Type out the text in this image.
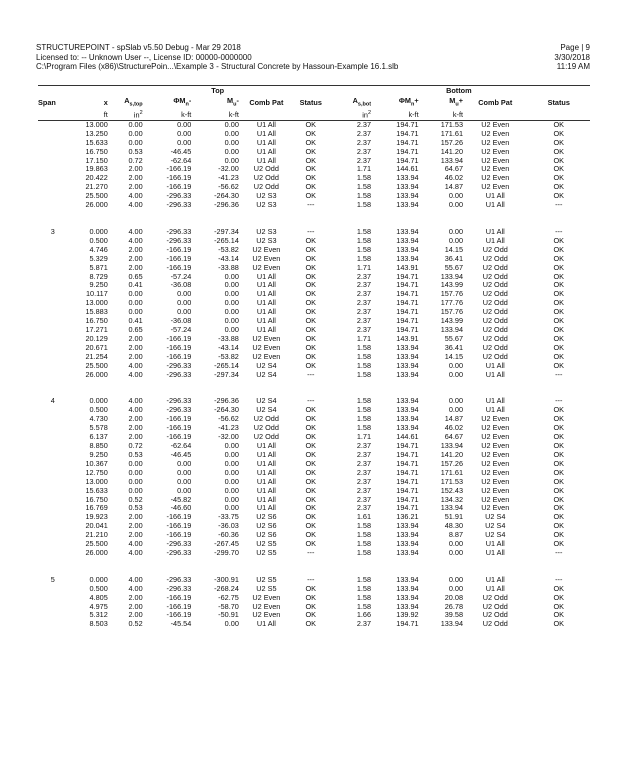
STRUCTUREPOINT - spSlab v5.50 Debug - Mar 29 2018
Licensed to: -- Unknown User --, License ID: 00000-0000000
C:\Program Files (x86)\StructurePoin...\Example 3 - Structural Concrete by Hassoun-Example 16.1.slb
Page | 9
3/30/2018
11:19 AM
		Top					Bottom				
Span	x	$A_{s,top}$	$\Phi M_n-$	$M_u-$	Comb Pat	Status	$A_{s,bot}$	$\Phi M_n+$	$M_u+$	Comb Pat	Status
	ft	$in^2$	k-ft	k-ft			$in^2$	k-ft	k-ft		
	13.000	0.00	0.00	0.00	U1 All	OK	2.37	194.71	171.53	U2 Even	OK
	13.250	0.00	0.00	0.00	U1 All	OK	2.37	194.71	171.61	U2 Even	OK
	15.633	0.00	0.00	0.00	U1 All	OK	2.37	194.71	157.26	U2 Even	OK
	16.750	0.53	-46.45	0.00	U1 All	OK	2.37	194.71	141.20	U2 Even	OK
	17.150	0.72	-62.64	0.00	U1 All	OK	2.37	194.71	133.94	U2 Even	OK
	19.863	2.00	-166.19	-32.00	U2 Odd	OK	1.71	144.61	64.67	U2 Even	OK
	20.422	2.00	-166.19	-41.23	U2 Odd	OK	1.58	133.94	46.02	U2 Even	OK
	21.270	2.00	-166.19	-56.62	U2 Odd	OK	1.58	133.94	14.87	U2 Even	OK
	25.500	4.00	-296.33	-264.30	U2 S3	OK	1.58	133.94	0.00	U1 All	OK
	26.000	4.00	-296.33	-296.36	U2 S3	---	1.58	133.94	0.00	U1 All	---

3	0.000	4.00	-296.33	-297.34	U2 S3	---	1.58	133.94	0.00	U1 All	---
	0.500	4.00	-296.33	-265.14	U2 S3	OK	1.58	133.94	0.00	U1 All	OK
	4.746	2.00	-166.19	-53.82	U2 Even	OK	1.58	133.94	14.15	U2 Odd	OK
	5.329	2.00	-166.19	-43.14	U2 Even	OK	1.58	133.94	36.41	U2 Odd	OK
	5.871	2.00	-166.19	-33.88	U2 Even	OK	1.71	143.91	55.67	U2 Odd	OK
	8.729	0.65	-57.24	0.00	U1 All	OK	2.37	194.71	133.94	U2 Odd	OK
	9.250	0.41	-36.08	0.00	U1 All	OK	2.37	194.71	143.99	U2 Odd	OK
	10.117	0.00	0.00	0.00	U1 All	OK	2.37	194.71	157.76	U2 Odd	OK
	13.000	0.00	0.00	0.00	U1 All	OK	2.37	194.71	177.76	U2 Odd	OK
	15.883	0.00	0.00	0.00	U1 All	OK	2.37	194.71	157.76	U2 Odd	OK
	16.750	0.41	-36.08	0.00	U1 All	OK	2.37	194.71	143.99	U2 Odd	OK
	17.271	0.65	-57.24	0.00	U1 All	OK	2.37	194.71	133.94	U2 Odd	OK
	20.129	2.00	-166.19	-33.88	U2 Even	OK	1.71	143.91	55.67	U2 Odd	OK
	20.671	2.00	-166.19	-43.14	U2 Even	OK	1.58	133.94	36.41	U2 Odd	OK
	21.254	2.00	-166.19	-53.82	U2 Even	OK	1.58	133.94	14.15	U2 Odd	OK
	25.500	4.00	-296.33	-265.14	U2 S4	OK	1.58	133.94	0.00	U1 All	OK
	26.000	4.00	-296.33	-297.34	U2 S4	---	1.58	133.94	0.00	U1 All	---

4	0.000	4.00	-296.33	-296.36	U2 S4	---	1.58	133.94	0.00	U1 All	---
	0.500	4.00	-296.33	-264.30	U2 S4	OK	1.58	133.94	0.00	U1 All	OK
	4.730	2.00	-166.19	-56.62	U2 Odd	OK	1.58	133.94	14.87	U2 Even	OK
	5.578	2.00	-166.19	-41.23	U2 Odd	OK	1.58	133.94	46.02	U2 Even	OK
	6.137	2.00	-166.19	-32.00	U2 Odd	OK	1.71	144.61	64.67	U2 Even	OK
	8.850	0.72	-62.64	0.00	U1 All	OK	2.37	194.71	133.94	U2 Even	OK
	9.250	0.53	-46.45	0.00	U1 All	OK	2.37	194.71	141.20	U2 Even	OK
	10.367	0.00	0.00	0.00	U1 All	OK	2.37	194.71	157.26	U2 Even	OK
	12.750	0.00	0.00	0.00	U1 All	OK	2.37	194.71	171.61	U2 Even	OK
	13.000	0.00	0.00	0.00	U1 All	OK	2.37	194.71	171.53	U2 Even	OK
	15.633	0.00	0.00	0.00	U1 All	OK	2.37	194.71	152.43	U2 Even	OK
	16.750	0.52	-45.82	0.00	U1 All	OK	2.37	194.71	134.32	U2 Even	OK
	16.769	0.53	-46.60	0.00	U1 All	OK	2.37	194.71	133.94	U2 Even	OK
	19.923	2.00	-166.19	-33.75	U2 S6	OK	1.61	136.21	51.91	U2 S4	OK
	20.041	2.00	-166.19	-36.03	U2 S6	OK	1.58	133.94	48.30	U2 S4	OK
	21.210	2.00	-166.19	-60.36	U2 S6	OK	1.58	133.94	8.87	U2 S4	OK
	25.500	4.00	-296.33	-267.45	U2 S5	OK	1.58	133.94	0.00	U1 All	OK
	26.000	4.00	-296.33	-299.70	U2 S5	---	1.58	133.94	0.00	U1 All	---

5	0.000	4.00	-296.33	-300.91	U2 S5	---	1.58	133.94	0.00	U1 All	---
	0.500	4.00	-296.33	-268.24	U2 S5	OK	1.58	133.94	0.00	U1 All	OK
	4.805	2.00	-166.19	-62.75	U2 Even	OK	1.58	133.94	20.08	U2 Odd	OK
	4.975	2.00	-166.19	-58.70	U2 Even	OK	1.58	133.94	26.78	U2 Odd	OK
	5.312	2.00	-166.19	-50.91	U2 Even	OK	1.66	139.92	39.58	U2 Odd	OK
	8.503	0.52	-45.54	0.00	U1 All	OK	2.37	194.71	133.94	U2 Odd	OK
